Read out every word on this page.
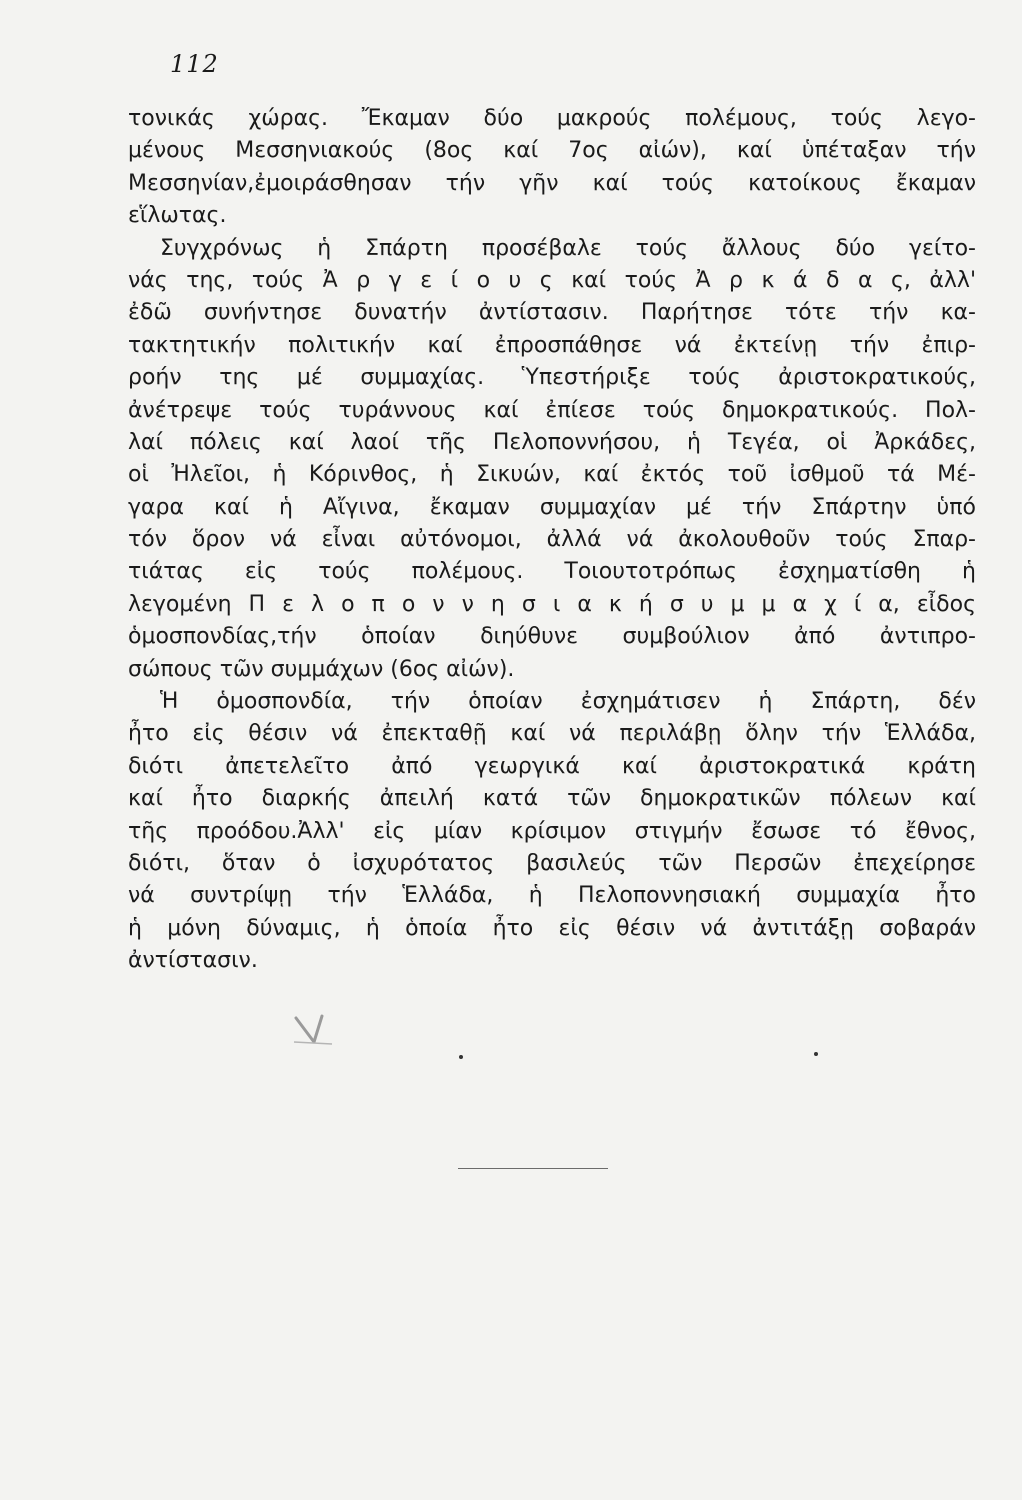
112
τονικάς χώρας. Ἔκαμαν δύο μακρούς πολέμους, τούς λεγο-
μένους Μεσσηνιακούς (8ος καί 7ος αἰών), καί ὑπέταξαν τήν
Μεσσηνίαν,ἐμοιράσθησαν τήν γῆν καί τούς κατοίκους ἔκαμαν
εἵλωτας.
Συγχρόνως ἡ Σπάρτη προσέβαλε τούς ἄλλους δύο γείτο-
νάς της, τούς Ἀ ρ γ ε ί ο υ ς καί τούς Ἀ ρ κ ά δ α ς, ἀλλ'
ἐδῶ συνήντησε δυνατήν ἀντίστασιν. Παρήτησε τότε τήν κα-
τακτητικήν πολιτικήν καί ἐπροσπάθησε νά ἐκτείνῃ τήν ἐπιρ-
ροήν της μέ συμμαχίας. Ὑπεστήριξε τούς ἀριστοκρατικούς,
ἀνέτρεψε τούς τυράννους καί ἐπίεσε τούς δημοκρατικούς. Πολ-
λαί πόλεις καί λαοί τῆς Πελοποννήσου, ἡ Τεγέα, οἱ Ἀρκάδες,
οἱ Ἠλεῖοι, ἡ Κόρινθος, ἡ Σικυών, καί ἐκτός τοῦ ἰσθμοῦ τά Μέ-
γαρα καί ἡ Αἴγινα, ἔκαμαν συμμαχίαν μέ τήν Σπάρτην ὑπό
τόν ὅρον νά εἶναι αὐτόνομοι, ἀλλά νά ἀκολουθοῦν τούς Σπαρ-
τιάτας εἰς τούς πολέμους. Τοιουτοτρόπως ἐσχηματίσθη ἡ
λεγομένη Π ε λ ο π ο ν ν η σ ι α κ ή σ υ μ μ α χ ί α, εἶδος
ὁμοσπονδίας,τήν ὁποίαν διηύθυνε συμβούλιον ἀπό ἀντιπρο-
σώπους τῶν συμμάχων (6ος αἰών).
Ἡ ὁμοσπονδία, τήν ὁποίαν ἐσχημάτισεν ἡ Σπάρτη, δέν
ἦτο εἰς θέσιν νά ἐπεκταθῇ καί νά περιλάβῃ ὅλην τήν Ἑλλάδα,
διότι ἀπετελεῖτο ἀπό γεωργικά καί ἀριστοκρατικά κράτη
καί ἦτο διαρκής ἀπειλή κατά τῶν δημοκρατικῶν πόλεων καί
τῆς προόδου.Ἀλλ' εἰς μίαν κρίσιμον στιγμήν ἔσωσε τό ἔθνος,
διότι, ὅταν ὁ ἰσχυρότατος βασιλεύς τῶν Περσῶν ἐπεχείρησε
νά συντρίψῃ τήν Ἑλλάδα, ἡ Πελοποννησιακή συμμαχία ἦτο
ἡ μόνη δύναμις, ἡ ὁποία ἦτο εἰς θέσιν νά ἀντιτάξῃ σοβαράν
ἀντίστασιν.
